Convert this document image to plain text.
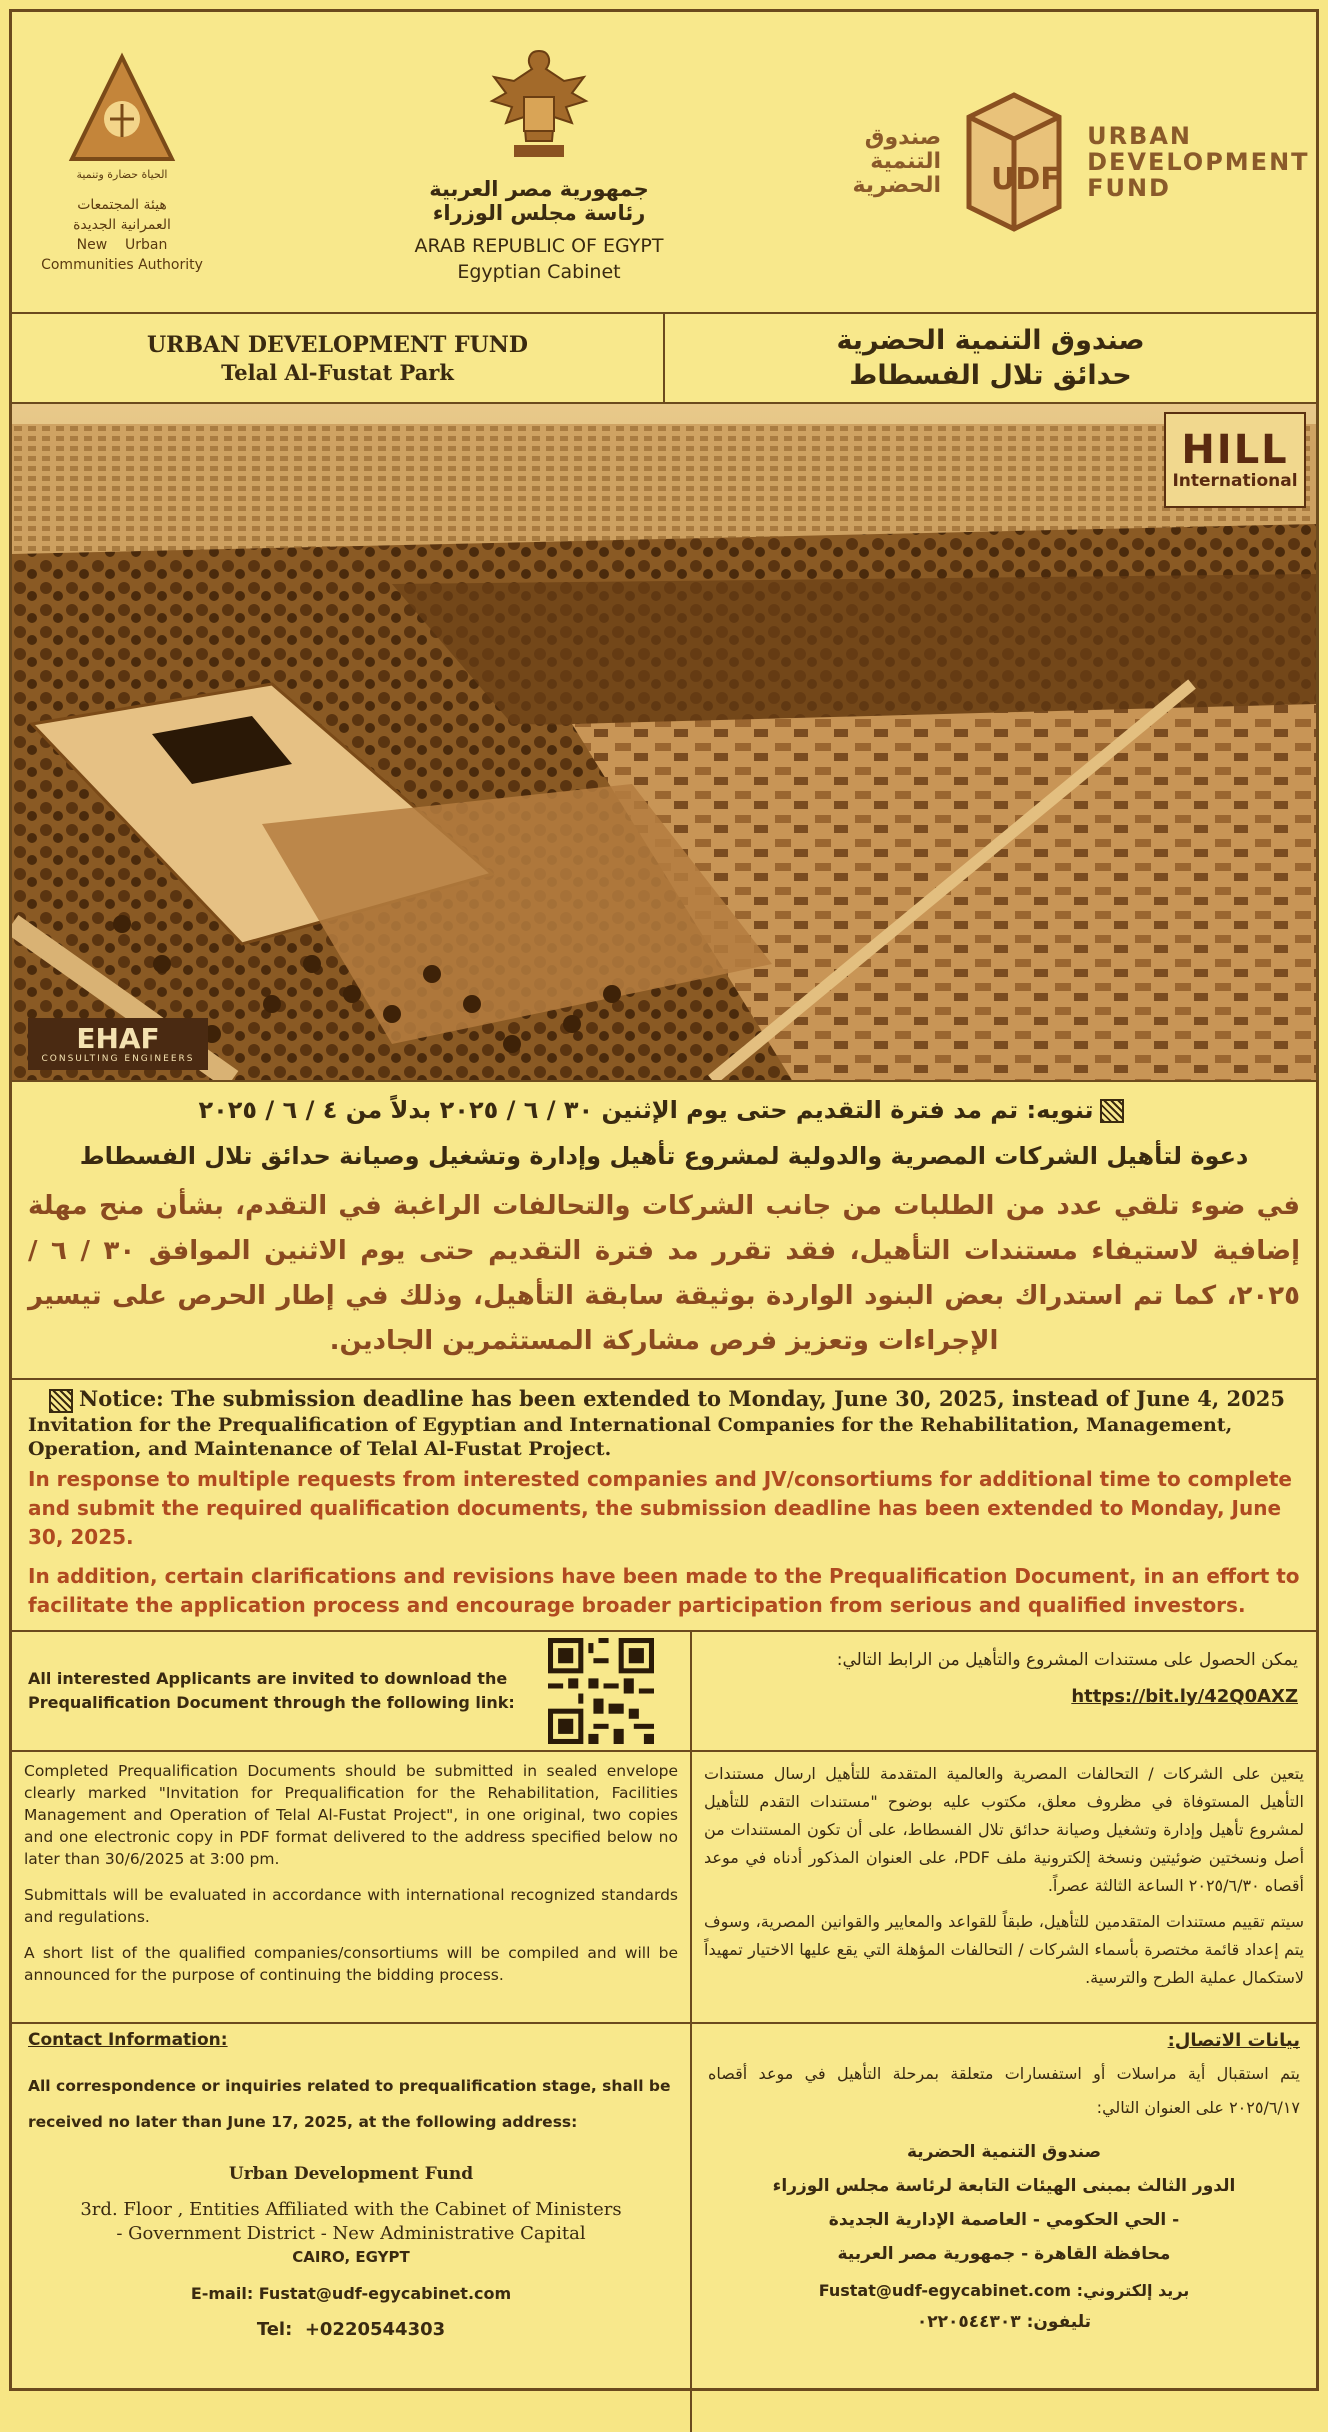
الحياة حضارة وتنمية
هيئة المجتمعات
العمرانية الجديدة
New    Urban
Communities Authority
جمهورية مصر العربية
رئاسة مجلس الوزراء
ARAB REPUBLIC OF EGYPT
Egyptian Cabinet
صندوق
التنمية
الحضرية UDF
URBAN
DEVELOPMENT
FUND
URBAN DEVELOPMENT FUND
Telal Al-Fustat Park
صندوق التنمية الحضرية
حدائق تلال الفسطاط
HILL
International
EHAF
CONSULTING ENGINEERS
تنويه: تم مد فترة التقديم حتى يوم الإثنين ٣٠ / ٦ / ٢٠٢٥ بدلاً من ٤ / ٦ / ٢٠٢٥
دعوة لتأهيل الشركات المصرية والدولية لمشروع تأهيل وإدارة وتشغيل وصيانة حدائق تلال الفسطاط
في ضوء تلقي عدد من الطلبات من جانب الشركات والتحالفات الراغبة في التقدم، بشأن منح مهلة إضافية لاستيفاء مستندات التأهيل، فقد تقرر مد فترة التقديم حتى يوم الاثنين الموافق ٣٠ / ٦ / ٢٠٢٥، كما تم استدراك بعض البنود الواردة بوثيقة سابقة التأهيل، وذلك في إطار الحرص على تيسير الإجراءات وتعزيز فرص مشاركة المستثمرين الجادين.
Notice: The submission deadline has been extended to Monday, June 30, 2025, instead of June 4, 2025
Invitation for the Prequalification of Egyptian and International Companies for the Rehabilitation, Management, Operation, and Maintenance of Telal Al-Fustat Project.
In response to multiple requests from interested companies and JV/consortiums for additional time to complete and submit the required qualification documents, the submission deadline has been extended to Monday, June 30, 2025.
In addition, certain clarifications and revisions have been made to the Prequalification Document, in an effort to facilitate the application process and encourage broader participation from serious and qualified investors.
All interested Applicants are invited to download the Prequalification Document through the following link:
يمكن الحصول على مستندات المشروع والتأهيل من الرابط التالي:
https://bit.ly/42Q0AXZ

Completed Prequalification Documents should be submitted in sealed envelope clearly marked "Invitation for Prequalification for the Rehabilitation, Facilities Management and Operation of Telal Al-Fustat Project", in one original, two copies and one electronic copy in PDF format delivered to the address specified below no later than 30/6/2025 at 3:00 pm.

Submittals will be evaluated in accordance with international recognized standards and regulations.

A short list of the qualified companies/consortiums will be compiled and will be announced for the purpose of continuing the bidding process.

يتعين على الشركات / التحالفات المصرية والعالمية المتقدمة للتأهيل ارسال مستندات التأهيل المستوفاة في مظروف معلق، مكتوب عليه بوضوح "مستندات التقدم للتأهيل لمشروع تأهيل وإدارة وتشغيل وصيانة حدائق تلال الفسطاط، على أن تكون المستندات من أصل ونسختين ضوئيتين ونسخة إلكترونية ملف PDF، على العنوان المذكور أدناه في موعد أقصاه ٢٠٢٥/٦/٣٠ الساعة الثالثة عصراً.

سيتم تقييم مستندات المتقدمين للتأهيل، طبقاً للقواعد والمعايير والقوانين المصرية، وسوف يتم إعداد قائمة مختصرة بأسماء الشركات / التحالفات المؤهلة التي يقع عليها الاختيار تمهيداً لاستكمال عملية الطرح والترسية.

Contact Information:
All correspondence or inquiries related to prequalification stage, shall be received no later than June 17, 2025, at the following address:
Urban Development Fund
3rd. Floor , Entities Affiliated with the Cabinet of Ministers
- Government District - New Administrative Capital
CAIRO, EGYPT
E-mail: Fustat@udf-egycabinet.com
Tel:  +0220544303
بيانات الاتصال:
يتم استقبال أية مراسلات أو استفسارات متعلقة بمرحلة التأهيل في موعد أقصاه ٢٠٢٥/٦/١٧ على العنوان التالي:
صندوق التنمية الحضرية
الدور الثالث بمبنى الهيئات التابعة لرئاسة مجلس الوزراء
- الحي الحكومي - العاصمة الإدارية الجديدة
محافظة القاهرة - جمهورية مصر العربية
بريد إلكتروني: Fustat@udf-egycabinet.com
تليفون: ٠٢٢٠٥٤٤٣٠٣
